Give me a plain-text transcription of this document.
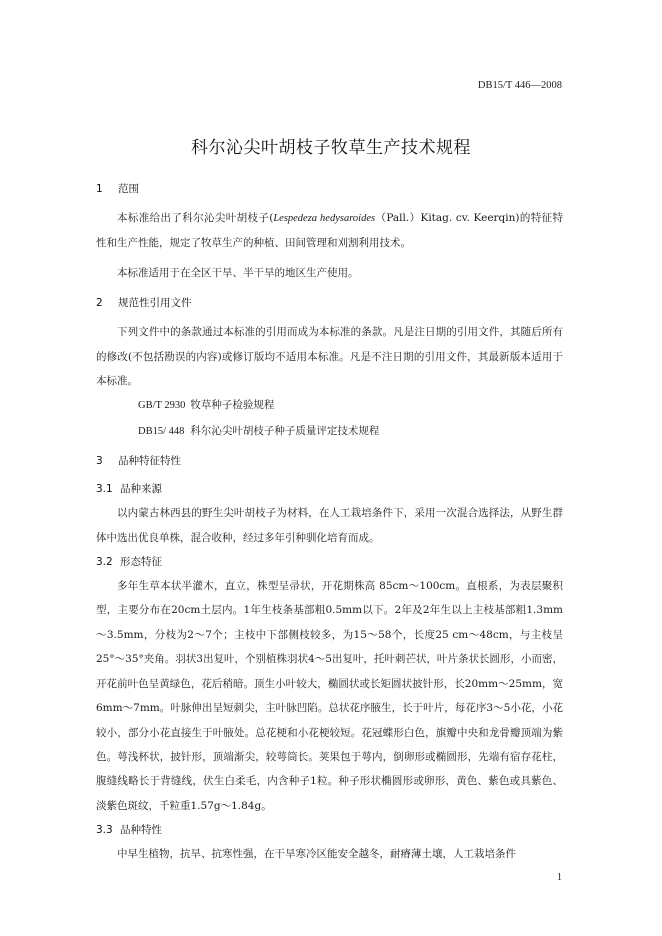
DB15/T 446—2008
科尔沁尖叶胡枝子牧草生产技术规程
1 范围

本标准给出了科尔沁尖叶胡枝子(Lespedeza hedysaroides（Pall.）Kitag. cv. Keerqin)的特征特性和生产性能，规定了牧草生产的种植、田间管理和刈割利用技术。

本标准适用于在全区干旱、半干旱的地区生产使用。

2 规范性引用文件

下列文件中的条款通过本标准的引用而成为本标准的条款。凡是注日期的引用文件，其随后所有的修改(不包括勘误的内容)或修订版均不适用本标准。凡是不注日期的引用文件，其最新版本适用于本标准。

GB/T 2930 牧草种子检验规程
DB15/ 448 科尔沁尖叶胡枝子种子质量评定技术规程
3 品种特征特性
3.1 品种来源

以内蒙古林西县的野生尖叶胡枝子为材料，在人工栽培条件下，采用一次混合选择法，从野生群体中选出优良单株，混合收种，经过多年引种驯化培育而成。

3.2 形态特征

多年生草本状半灌木，直立，株型呈帚状，开花期株高 85cm～100cm。直根系，为表层聚积型，主要分布在20cm土层内。1年生枝条基部粗0.5mm以下。2年及2年生以上主枝基部粗1.3mm～3.5mm，分枝为2～7个；主枝中下部侧枝较多，为15～58个，长度25 cm～48cm，与主枝呈25°～35°夹角。羽状3出复叶，个别植株羽状4～5出复叶，托叶刺芒状，叶片条状长圆形，小而密，开花前叶色呈黄绿色，花后稍暗。顶生小叶较大，椭圆状或长矩圆状披针形，长20mm～25mm，宽6mm～7mm。叶脉伸出呈短刺尖，主叶脉凹陷。总状花序腋生，长于叶片，每花序3～5小花，小花较小，部分小花直接生于叶腋处。总花梗和小花梗较短。花冠蝶形白色，旗瓣中央和龙骨瓣顶端为紫色。萼浅杯状，披针形，顶端渐尖，较萼筒长。荚果包于萼内，倒卵形或椭圆形，先端有宿存花柱，腹缝线略长于背缝线，伏生白柔毛，内含种子1粒。种子形状椭圆形或卵形，黄色、紫色或具紫色、淡紫色斑纹，千粒重1.57g～1.84g。

3.3 品种特性

中早生植物，抗旱、抗寒性强，在干旱寒冷区能安全越冬，耐瘠薄土壤，人工栽培条件

1
